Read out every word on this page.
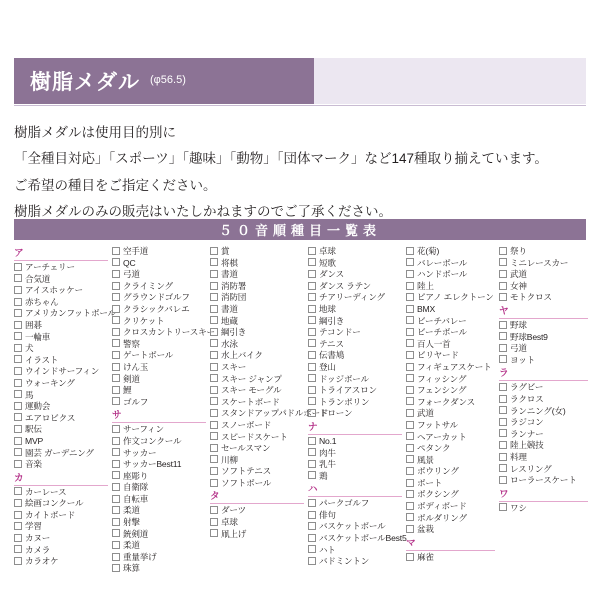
樹脂メダル (φ56.5)
樹脂メダルは使用目的別に
「全種目対応」「スポーツ」「趣味」「動物」「団体マーク」など147種取り揃えています。
ご希望の種目をご指定ください。
樹脂メダルのみの販売はいたしかねますのでご了承ください。
５０音順種目一覧表
ア
アーチェリー
合気道
アイスホッケー
赤ちゃん
アメリカンフットボール
囲碁
一輪車
犬
イラスト
ウインドサーフィン
ウォーキング
馬
運動会
エアロビクス
駅伝
MVP
園芸 ガーデニング
音楽
カ
カーレース
絵画コンクール
カイトボード
学習
カヌー
カメラ
カラオケ
空手道
QC
弓道
クライミング
グラウンドゴルフ
クラシックバレエ
クリケット
クロスカントリースキー
警察
ゲートボール
けん玉
剣道
鯉
ゴルフ
サ
サーフィン
作文コンクール
サッカー
サッカーBest11
座彫り
自衛隊
自転車
柔道
射撃
銃剣道
柔道
重量挙げ
珠算
賞
将棋
書道
消防署
消防団
書道
地蔵
綱引き
水泳
水上バイク
スキー
スキー ジャンプ
スキー モーグル
スケートボード
スタンドアップパドルボード
スノーボード
スピードスケート
セールスマン
川柳
ソフトテニス
ソフトボール
タ
ダーツ
卓球
凧上げ
卓球
短歌
ダンス
ダンス ラテン
チアリーディング
地球
綱引き
テコンドー
テニス
伝書鳩
登山
ドッジボール
トライアスロン
トランポリン
ドローン
ナ
No.1
肉牛
乳牛
鶏
ハ
パークゴルフ
俳句
バスケットボール
バスケットボールBest5
ハト
バドミントン
花(菊)
バレーボール
ハンドボール
陸上
ピアノ エレクトーン
BMX
ビーチバレー
ビーチボール
百人一首
ビリヤード
フィギュアスケート
フィッシング
フェンシング
フォークダンス
武道
フットサル
ヘアーカット
ペタンク
風景
ボウリング
ボート
ボクシング
ボディボード
ボルダリング
盆栽
マ
麻雀
祭り
ミニレースカー
武道
女神
モトクロス
ヤ
野球
野球Best9
弓道
ヨット
ラ
ラグビー
ラクロス
ランニング(女)
ラジコン
ランナー
陸上競技
料理
レスリング
ローラースケート
ワ
ワシ
